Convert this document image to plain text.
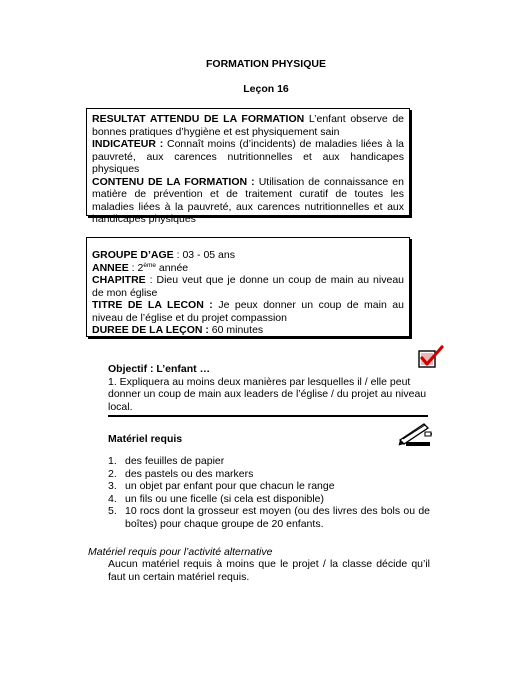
FORMATION PHYSIQUE
Leçon 16

RESULTAT ATTENDU DE LA FORMATION L’enfant observe de bonnes pratiques d’hygiène et est physiquement sain

INDICATEUR : Connaît moins (d’incidents) de maladies liées à la pauvreté, aux carences nutritionnelles et aux handicapes physiques

CONTENU DE LA FORMATION : Utilisation de connaissance en matière de prévention et de traitement curatif de toutes les maladies liées à la pauvreté, aux carences nutritionnelles et aux handicapes physiques

GROUPE D’AGE : 03 - 05 ans

ANNEE : 2ème année

CHAPITRE : Dieu veut que je donne un coup de main au niveau de mon église

TITRE DE LA LECON : Je peux donner un coup de main au niveau de l’église et du projet compassion

DUREE DE LA LEÇON : 60 minutes

Objectif : L’enfant …

1. Expliquera au moins deux manières par lesquelles il / elle peut donner un coup de main aux leaders de l’église / du projet au niveau local.

Matériel requis

1. des feuilles de papier
2. des pastels ou des markers
3. un objet par enfant pour que chacun le range
4. un fils ou une ficelle (si cela est disponible)
5. 10 rocs dont la grosseur est moyen (ou des livres des bols ou de boîtes) pour chaque groupe de 20 enfants.

Matériel requis pour l’activité alternative

Aucun matériel requis à moins que le projet / la classe décide qu’il faut un certain matériel requis.
